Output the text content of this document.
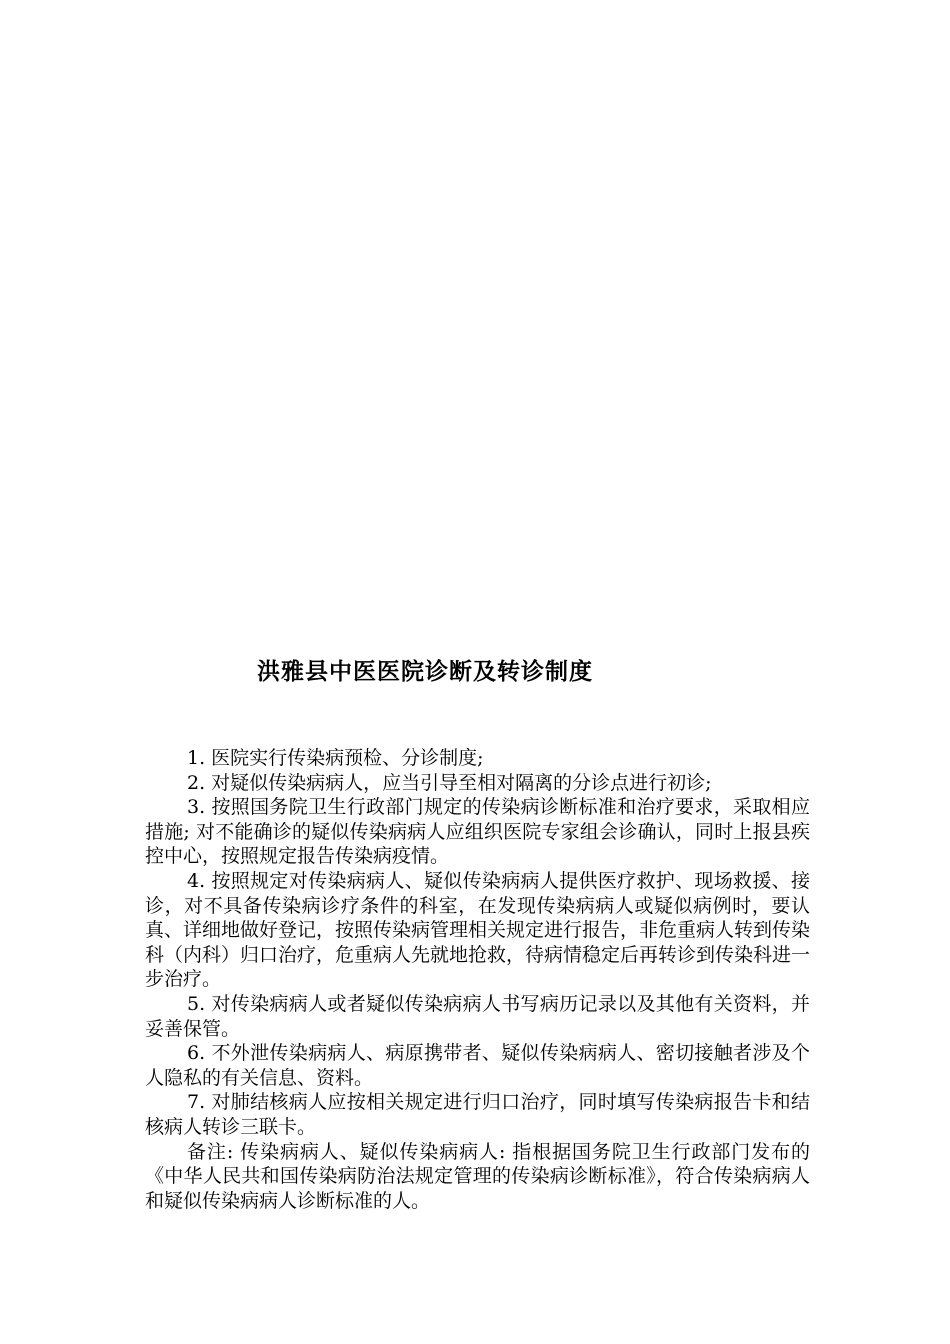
洪雅县中医医院诊断及转诊制度

1. 医院实行传染病预检、分诊制度;

2. 对疑似传染病病人，应当引导至相对隔离的分诊点进行初诊;

3. 按照国务院卫生行政部门规定的传染病诊断标准和治疗要求，采取相应措施; 对不能确诊的疑似传染病病人应组织医院专家组会诊确认，同时上报县疾控中心，按照规定报告传染病疫情。

4. 按照规定对传染病病人、疑似传染病病人提供医疗救护、现场救援、接诊，对不具备传染病诊疗条件的科室，在发现传染病病人或疑似病例时，要认真、详细地做好登记，按照传染病管理相关规定进行报告，非危重病人转到传染科（内科）归口治疗，危重病人先就地抢救，待病情稳定后再转诊到传染科进一步治疗。

5. 对传染病病人或者疑似传染病病人书写病历记录以及其他有关资料，并妥善保管。

6. 不外泄传染病病人、病原携带者、疑似传染病病人、密切接触者涉及个人隐私的有关信息、资料。

7. 对肺结核病人应按相关规定进行归口治疗，同时填写传染病报告卡和结核病人转诊三联卡。

备注: 传染病病人、疑似传染病病人: 指根据国务院卫生行政部门发布的《中华人民共和国传染病防治法规定管理的传染病诊断标准》，符合传染病病人和疑似传染病病人诊断标准的人。
